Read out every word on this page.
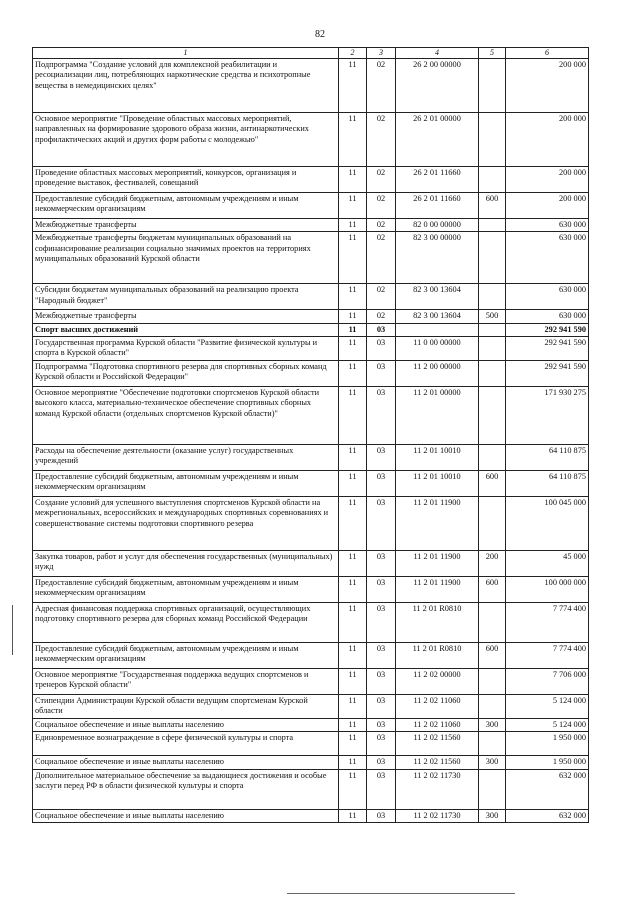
82
1	2	3	4	5	6
Подпрограмма "Создание условий для комплексной реабилитации и ресоциализации лиц, потребляющих наркотические средства и психотропные вещества в немедицинских целях"	11	02	26 2 00 00000		200 000
Основное мероприятие "Проведение областных массовых мероприятий, направленных на формирование здорового образа жизни, антинаркотических профилактических акций и других форм работы с молодежью"	11	02	26 2 01 00000		200 000
Проведение областных массовых мероприятий, конкурсов, организация и проведение выставок, фестивалей, совещаний	11	02	26 2 01 11660		200 000
Предоставление субсидий бюджетным, автономным учреждениям и иным некоммерческим организациям	11	02	26 2 01 11660	600	200 000
Межбюджетные трансферты	11	02	82 0 00 00000		630 000
Межбюджетные трансферты бюджетам муниципальных образований на софинансирование реализации социально значимых проектов на территориях муниципальных образований Курской области	11	02	82 3 00 00000		630 000
Субсидии бюджетам муниципальных образований на реализацию проекта "Народный бюджет"	11	02	82 3 00 13604		630 000
Межбюджетные трансферты	11	02	82 3 00 13604	500	630 000
Спорт высших достижений	11	03			292 941 590
Государственная программа Курской области "Развитие физической культуры и спорта в Курской области"	11	03	11 0 00 00000		292 941 590
Подпрограмма "Подготовка спортивного резерва для спортивных сборных команд Курской области и Российской Федерации"	11	03	11 2 00 00000		292 941 590
Основное мероприятие "Обеспечение подготовки спортсменов Курской области высокого класса, материально-техническое обеспечение спортивных сборных команд Курской области (отдельных спортсменов Курской области)"	11	03	11 2 01 00000		171 930 275
Расходы на обеспечение деятельности (оказание услуг) государственных учреждений	11	03	11 2 01 10010		64 110 875
Предоставление субсидий бюджетным, автономным учреждениям и иным некоммерческим организациям	11	03	11 2 01 10010	600	64 110 875
Создание условий для успешного выступления спортсменов Курской области на межрегиональных, всероссийских и международных спортивных соревнованиях и совершенствование системы подготовки спортивного резерва	11	03	11 2 01 11900		100 045 000
Закупка товаров, работ и услуг для обеспечения государственных (муниципальных) нужд	11	03	11 2 01 11900	200	45 000
Предоставление субсидий бюджетным, автономным учреждениям и иным некоммерческим организациям	11	03	11 2 01 11900	600	100 000 000
Адресная финансовая поддержка спортивных организаций, осуществляющих подготовку спортивного резерва для сборных команд Российской Федерации	11	03	11 2 01 R0810		7 774 400
Предоставление субсидий бюджетным, автономным учреждениям и иным некоммерческим организациям	11	03	11 2 01 R0810	600	7 774 400
Основное мероприятие "Государственная поддержка ведущих спортсменов и тренеров Курской области"	11	03	11 2 02 00000		7 706 000
Стипендии Администрации Курской области ведущим спортсменам Курской области	11	03	11 2 02 11060		5 124 000
Социальное обеспечение и иные выплаты населению	11	03	11 2 02 11060	300	5 124 000
Единовременное вознаграждение в сфере физической культуры и спорта	11	03	11 2 02 11560		1 950 000
Социальное обеспечение и иные выплаты населению	11	03	11 2 02 11560	300	1 950 000
Дополнительное материальное обеспечение за выдающиеся достижения и особые заслуги перед РФ в области физической культуры и спорта	11	03	11 2 02 11730		632 000
Социальное обеспечение и иные выплаты населению	11	03	11 2 02 11730	300	632 000
